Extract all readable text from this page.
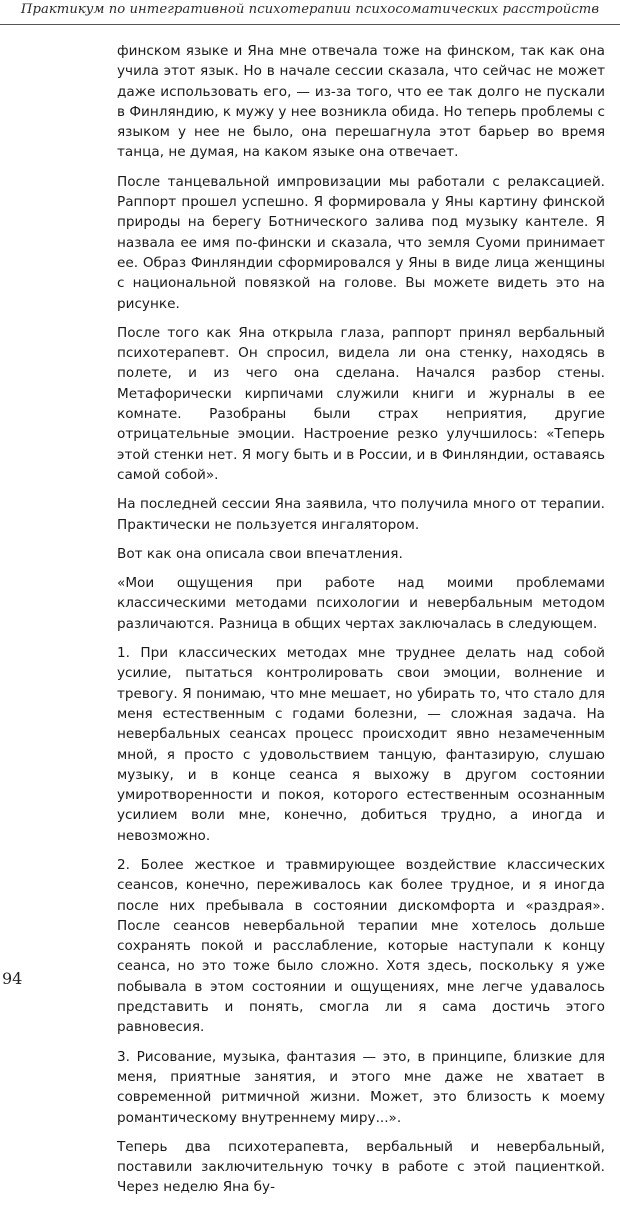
Практикум по интегративной психотерапии психосоматических расстройств

финском языке и Яна мне отвечала тоже на финском, так как она учила этот язык. Но в начале сессии сказала, что сейчас не может даже использовать его, — из-за того, что ее так долго не пускали в Финляндию, к мужу у нее возникла обида. Но теперь проблемы с языком у нее не было, она перешагнула этот барьер во время танца, не думая, на каком языке она отвечает.

После танцевальной импровизации мы работали с релаксацией. Раппорт прошел успешно. Я формировала у Яны картину финской природы на берегу Ботнического залива под музыку кантеле. Я назвала ее имя по-фински и сказала, что земля Суоми принимает ее. Образ Финляндии сформировался у Яны в виде лица женщины с национальной повязкой на голове. Вы можете видеть это на рисунке.

После того как Яна открыла глаза, раппорт принял вербальный психотерапевт. Он спросил, видела ли она стенку, находясь в полете, и из чего она сделана. Начался разбор стены. Метафорически кирпичами служили книги и журналы в ее комнате. Разобраны были страх неприятия, другие отрицательные эмоции. Настроение резко улучшилось: «Теперь этой стенки нет. Я могу быть и в России, и в Финляндии, оставаясь самой собой».

На последней сессии Яна заявила, что получила много от терапии. Практически не пользуется ингалятором.

Вот как она описала свои впечатления.

«Мои ощущения при работе над моими проблемами классическими методами психологии и невербальным методом различаются. Разница в общих чертах заключалась в следующем.

1. При классических методах мне труднее делать над собой усилие, пытаться контролировать свои эмоции, волнение и тревогу. Я понимаю, что мне мешает, но убирать то, что стало для меня естественным с годами болезни, — сложная задача. На невербальных сеансах процесс происходит явно незамеченным мной, я просто с удовольствием танцую, фантазирую, слушаю музыку, и в конце сеанса я выхожу в другом состоянии умиротворенности и покоя, которого естественным осознанным усилием воли мне, конечно, добиться трудно, а иногда и невозможно.

2. Более жесткое и травмирующее воздействие классических сеансов, конечно, переживалось как более трудное, и я иногда после них пребывала в состоянии дискомфорта и «раздрая». После сеансов невербальной терапии мне хотелось дольше сохранять покой и расслабление, которые наступали к концу сеанса, но это тоже было сложно. Хотя здесь, поскольку я уже побывала в этом состоянии и ощущениях, мне легче удавалось представить и понять, смогла ли я сама достичь этого равновесия.

3. Рисование, музыка, фантазия — это, в принципе, близкие для меня, приятные занятия, и этого мне даже не хватает в современной ритмичной жизни. Может, это близость к моему романтическому внутреннему миру...».

Теперь два психотерапевта, вербальный и невербальный, поставили заключительную точку в работе с этой пациенткой. Через неделю Яна бу-

94
